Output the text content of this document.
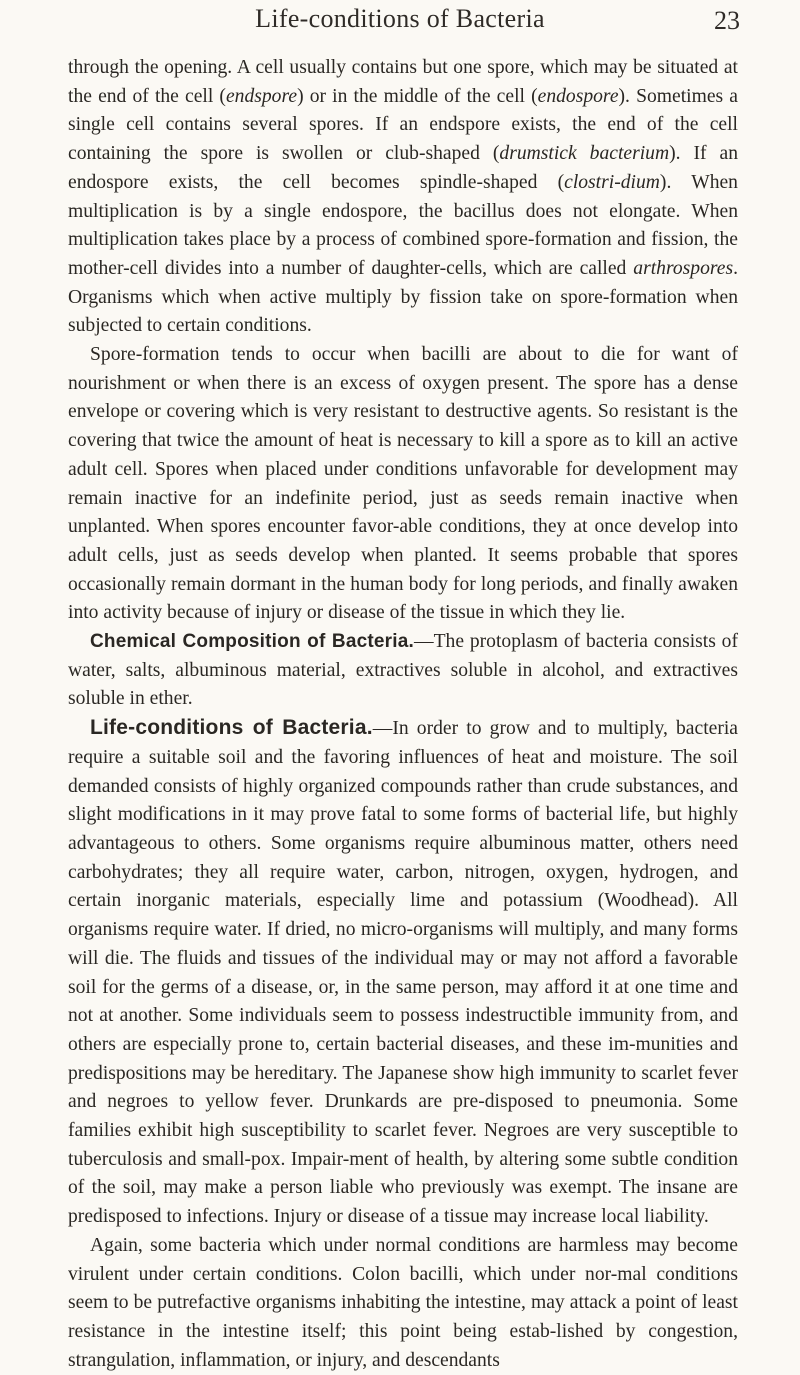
Life-conditions of Bacteria	23

through the opening. A cell usually contains but one spore, which may be situated at the end of the cell (endspore) or in the middle of the cell (endospore). Sometimes a single cell contains several spores. If an endspore exists, the end of the cell containing the spore is swollen or club-shaped (drumstick bacterium). If an endospore exists, the cell becomes spindle-shaped (clostri-dium). When multiplication is by a single endospore, the bacillus does not elongate. When multiplication takes place by a process of combined spore-formation and fission, the mother-cell divides into a number of daughter-cells, which are called arthrospores. Organisms which when active multiply by fission take on spore-formation when subjected to certain conditions.

Spore-formation tends to occur when bacilli are about to die for want of nourishment or when there is an excess of oxygen present. The spore has a dense envelope or covering which is very resistant to destructive agents. So resistant is the covering that twice the amount of heat is necessary to kill a spore as to kill an active adult cell. Spores when placed under conditions unfavorable for development may remain inactive for an indefinite period, just as seeds remain inactive when unplanted. When spores encounter favor-able conditions, they at once develop into adult cells, just as seeds develop when planted. It seems probable that spores occasionally remain dormant in the human body for long periods, and finally awaken into activity because of injury or disease of the tissue in which they lie.

Chemical Composition of Bacteria.—The protoplasm of bacteria consists of water, salts, albuminous material, extractives soluble in alcohol, and extractives soluble in ether.

Life-conditions of Bacteria.—In order to grow and to multiply, bacteria require a suitable soil and the favoring influences of heat and moisture. The soil demanded consists of highly organized compounds rather than crude substances, and slight modifications in it may prove fatal to some forms of bacterial life, but highly advantageous to others. Some organisms require albuminous matter, others need carbohydrates; they all require water, carbon, nitrogen, oxygen, hydrogen, and certain inorganic materials, especially lime and potassium (Woodhead). All organisms require water. If dried, no micro-organisms will multiply, and many forms will die. The fluids and tissues of the individual may or may not afford a favorable soil for the germs of a disease, or, in the same person, may afford it at one time and not at another. Some individuals seem to possess indestructible immunity from, and others are especially prone to, certain bacterial diseases, and these im-munities and predispositions may be hereditary. The Japanese show high immunity to scarlet fever and negroes to yellow fever. Drunkards are pre-disposed to pneumonia. Some families exhibit high susceptibility to scarlet fever. Negroes are very susceptible to tuberculosis and small-pox. Impair-ment of health, by altering some subtle condition of the soil, may make a person liable who previously was exempt. The insane are predisposed to infections. Injury or disease of a tissue may increase local liability.

Again, some bacteria which under normal conditions are harmless may become virulent under certain conditions. Colon bacilli, which under nor-mal conditions seem to be putrefactive organisms inhabiting the intestine, may attack a point of least resistance in the intestine itself; this point being estab-lished by congestion, strangulation, inflammation, or injury, and descendants
